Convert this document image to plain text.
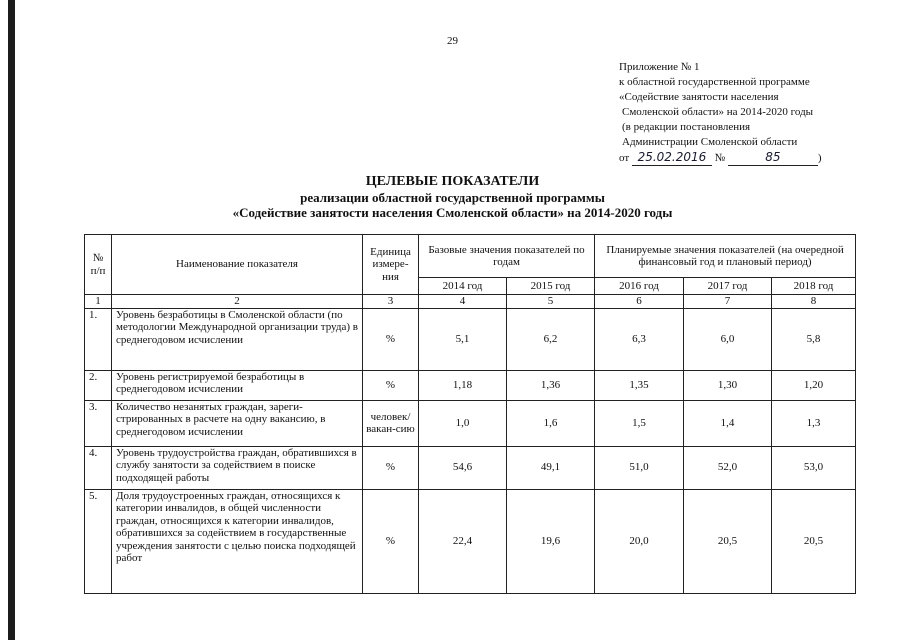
29
Приложение № 1
к областной государственной программе
«Содействие занятости населения
Смоленской области» на 2014-2020 годы
(в редакции постановления
Администрации Смоленской области
от 25.02.2016 №	85	)
ЦЕЛЕВЫЕ ПОКАЗАТЕЛИ
реализации областной государственной программы
«Содействие занятости населения Смоленской области» на 2014-2020 годы
№ п/п	Наименование показателя	Единица измере-ния	Базовые значения показателей по годам		Планируемые значения показателей (на очередной финансовый год и плановый период)		
			2014 год	2015 год	2016 год	2017 год	2018 год
1	2	3	4	5	6	7	8
1.	Уровень безработицы в Смоленской области (по методологии Международной организации труда) в среднегодовом исчислении	%	5,1	6,2	6,3	6,0	5,8
2.	Уровень регистрируемой безработицы в среднегодовом исчислении	%	1,18	1,36	1,35	1,30	1,20
3.	Количество незанятых граждан, зареги-стрированных в расчете на одну вакансию, в среднегодовом исчислении	человек/ вакан-сию	1,0	1,6	1,5	1,4	1,3
4.	Уровень трудоустройства граждан, обратившихся в службу занятости за содействием в поиске подходящей работы	%	54,6	49,1	51,0	52,0	53,0
5.	Доля трудоустроенных граждан, относящихся к категории инвалидов, в общей численности граждан, относящихся к категории инвалидов, обратившихся за содействием в государственные учреждения занятости с целью поиска подходящей работ	%	22,4	19,6	20,0	20,5	20,5
